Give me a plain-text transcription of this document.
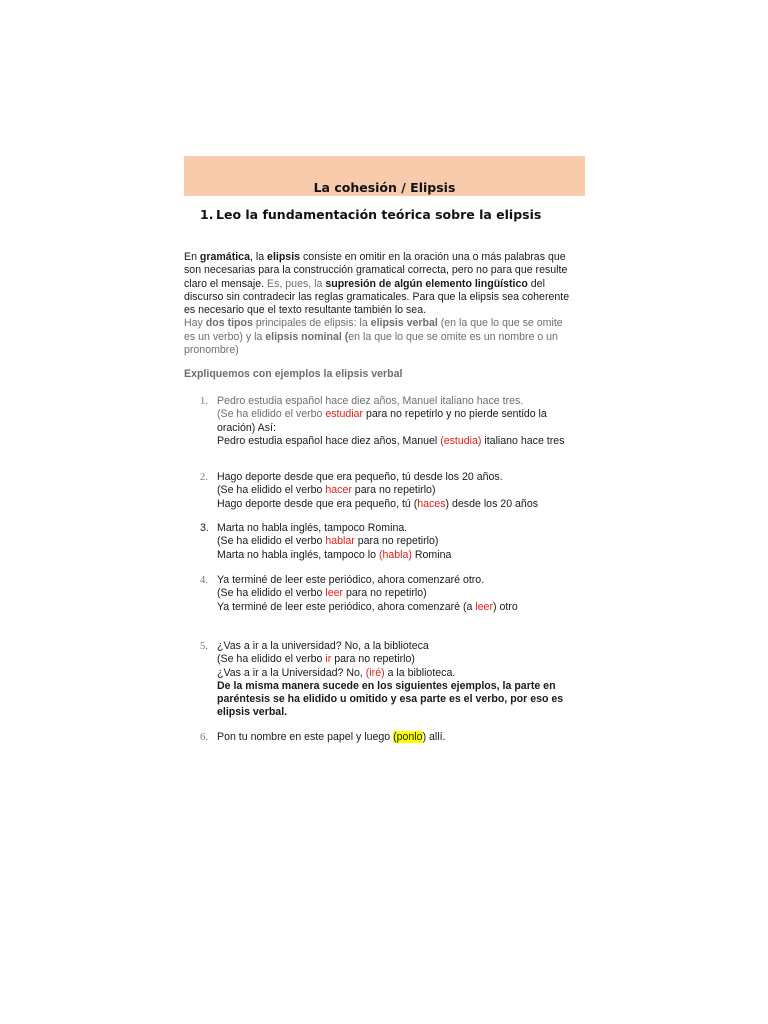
La cohesión / Elipsis
1. Leo la fundamentación teórica sobre la elipsis
En gramática, la elipsis consiste en omitir en la oración una o más palabras que
son necesarias para la construcción gramatical correcta, pero no para que resulte
claro el mensaje. Es, pues, la supresión de algún elemento lingüístico del
discurso sin contradecir las reglas gramaticales. Para que la elipsis sea coherente
es necesario que el texto resultante también lo sea.
Hay dos tipos principales de elipsis: la elipsis verbal (en la que lo que se omite
es un verbo) y la elipsis nominal (en la que lo que se omite es un nombre o un
pronombre)
Expliquemos con ejemplos la elipsis verbal
1. Pedro estudia español hace diez años, Manuel italiano hace tres.
(Se ha elidido el verbo estudiar para no repetirlo y no pierde sentido la
oración) Así:
Pedro estudia español hace diez años, Manuel (estudia) italiano hace tres
2. Hago deporte desde que era pequeño, tú desde los 20 años.
(Se ha elidido el verbo hacer para no repetirlo)
Hago deporte desde que era pequeño, tú (haces) desde los 20 años
3. Marta no habla inglés, tampoco Romina.
(Se ha elidido el verbo hablar para no repetirlo)
Marta no habla inglés, tampoco lo (habla) Romina
4. Ya terminé de leer este periódico, ahora comenzaré otro.
(Se ha elidido el verbo leer para no repetirlo)
Ya terminé de leer este periódico, ahora comenzaré (a leer) otro
5. ¿Vas a ir a la universidad? No, a la biblioteca
(Se ha elidido el verbo ir para no repetirlo)
¿Vas a ir a la Universidad? No, (iré) a la biblioteca.
De la misma manera sucede en los siguientes ejemplos, la parte en
paréntesis se ha elidido u omitido y esa parte es el verbo, por eso es
elipsis verbal.
6. Pon tu nombre en este papel y luego (ponlo) allí.
